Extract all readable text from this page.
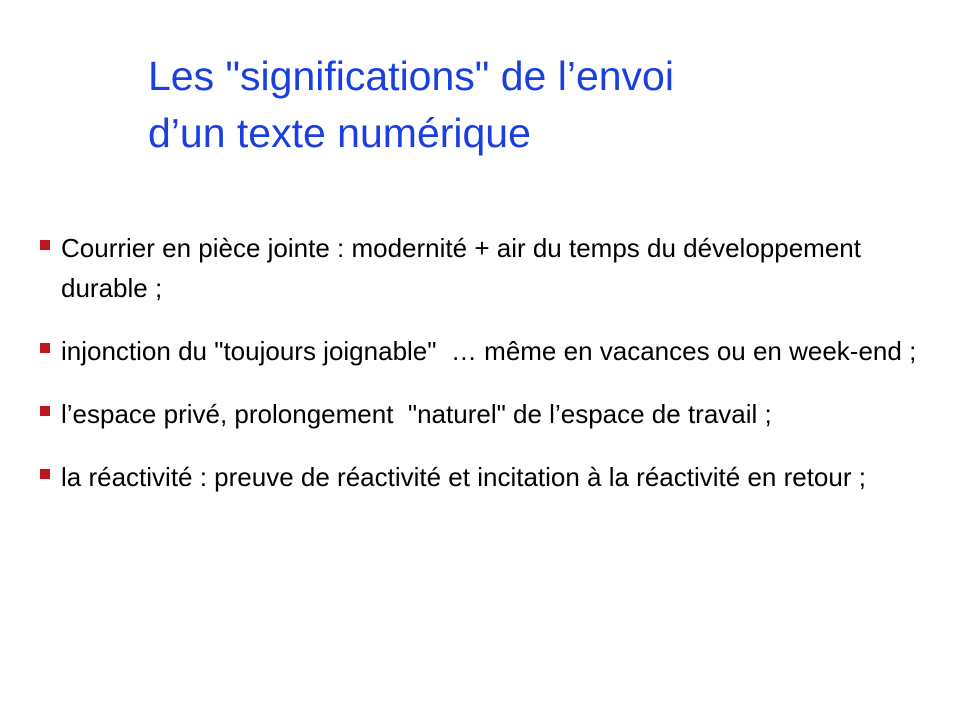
Les "significations" de l’envoi
d’un texte numérique
Courrier en pièce jointe : modernité + air du temps du développement durable ;
injonction du "toujours joignable"  … même en vacances ou en week-end ;
l’espace privé, prolongement  "naturel" de l’espace de travail ;
la réactivité : preuve de réactivité et incitation à la réactivité en retour ;
